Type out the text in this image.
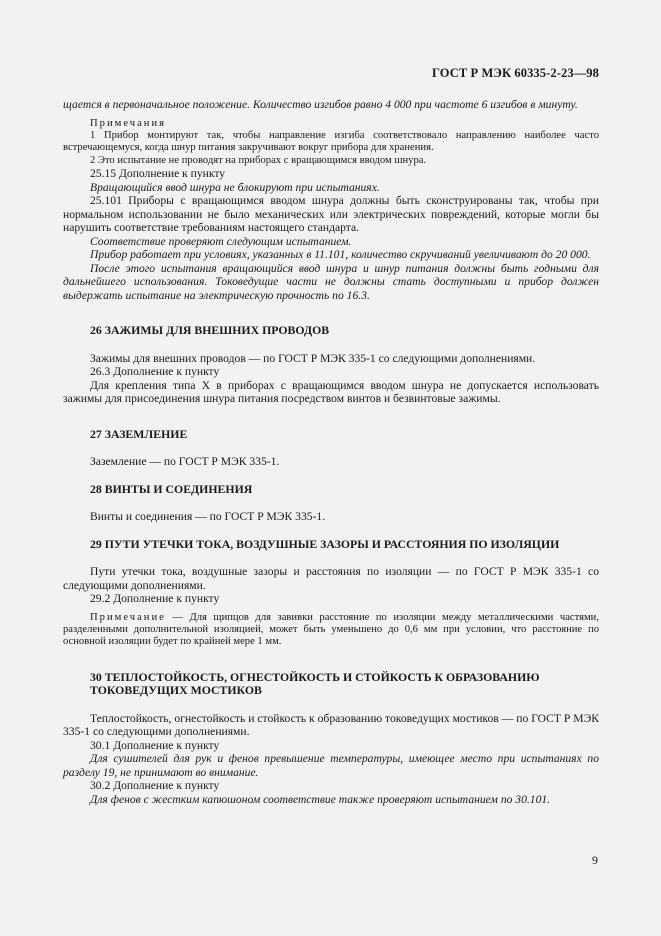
ГОСТ Р МЭК 60335-2-23—98

щается в первоначальное положение. Количество изгибов равно 4 000 при частоте 6 изгибов в минуту.

Примечания

1 Прибор монтируют так, чтобы направление изгиба соответствовало направлению наиболее часто встречающемуся, когда шнур питания закручивают вокруг прибора для хранения.

2 Это испытание не проводят на приборах с вращающимся вводом шнура.

25.15 Дополнение к пункту

Вращающийся ввод шнура не блокируют при испытаниях.

25.101 Приборы с вращающимся вводом шнура должны быть сконструированы так, чтобы при нормальном использовании не было механических или электрических повреждений, которые могли бы нарушить соответствие требованиям настоящего стандарта.

Соответствие проверяют следующим испытанием.

Прибор работает при условиях, указанных в 11.101, количество скручиваний увеличивают до 20 000.

После этого испытания вращающийся ввод шнура и шнур питания должны быть годными для дальнейшего использования. Токоведущие части не должны стать доступными и прибор должен выдержать испытание на электрическую прочность по 16.3.

26 ЗАЖИМЫ ДЛЯ ВНЕШНИХ ПРОВОДОВ

Зажимы для внешних проводов — по ГОСТ Р МЭК 335-1 со следующими дополнениями.

26.3 Дополнение к пункту

Для крепления типа X в приборах с вращающимся вводом шнура не допускается использовать зажимы для присоединения шнура питания посредством винтов и безвинтовые зажимы.

27 ЗАЗЕМЛЕНИЕ

Заземление — по ГОСТ Р МЭК 335-1.

28 ВИНТЫ И СОЕДИНЕНИЯ

Винты и соединения — по ГОСТ Р МЭК 335-1.

29 ПУТИ УТЕЧКИ ТОКА, ВОЗДУШНЫЕ ЗАЗОРЫ И РАССТОЯНИЯ ПО ИЗОЛЯЦИИ

Пути утечки тока, воздушные зазоры и расстояния по изоляции — по ГОСТ Р МЭК 335-1 со следующими дополнениями.

29.2 Дополнение к пункту

Примечание — Для щипцов для завивки расстояние по изоляции между металлическими частями, разделенными дополнительной изоляцией, может быть уменьшено до 0,6 мм при условии, что расстояние по основной изоляции будет по крайней мере 1 мм.

30 ТЕПЛОСТОЙКОСТЬ, ОГНЕСТОЙКОСТЬ И СТОЙКОСТЬ К ОБРАЗОВАНИЮ ТОКОВЕДУЩИХ МОСТИКОВ

Теплостойкость, огнестойкость и стойкость к образованию токоведущих мостиков — по ГОСТ Р МЭК 335-1 со следующими дополнениями.

30.1 Дополнение к пункту

Для сушителей для рук и фенов превышение температуры, имеющее место при испытаниях по разделу 19, не принимают во внимание.

30.2 Дополнение к пункту

Для фенов с жестким капюшоном соответствие также проверяют испытанием по 30.101.

9
